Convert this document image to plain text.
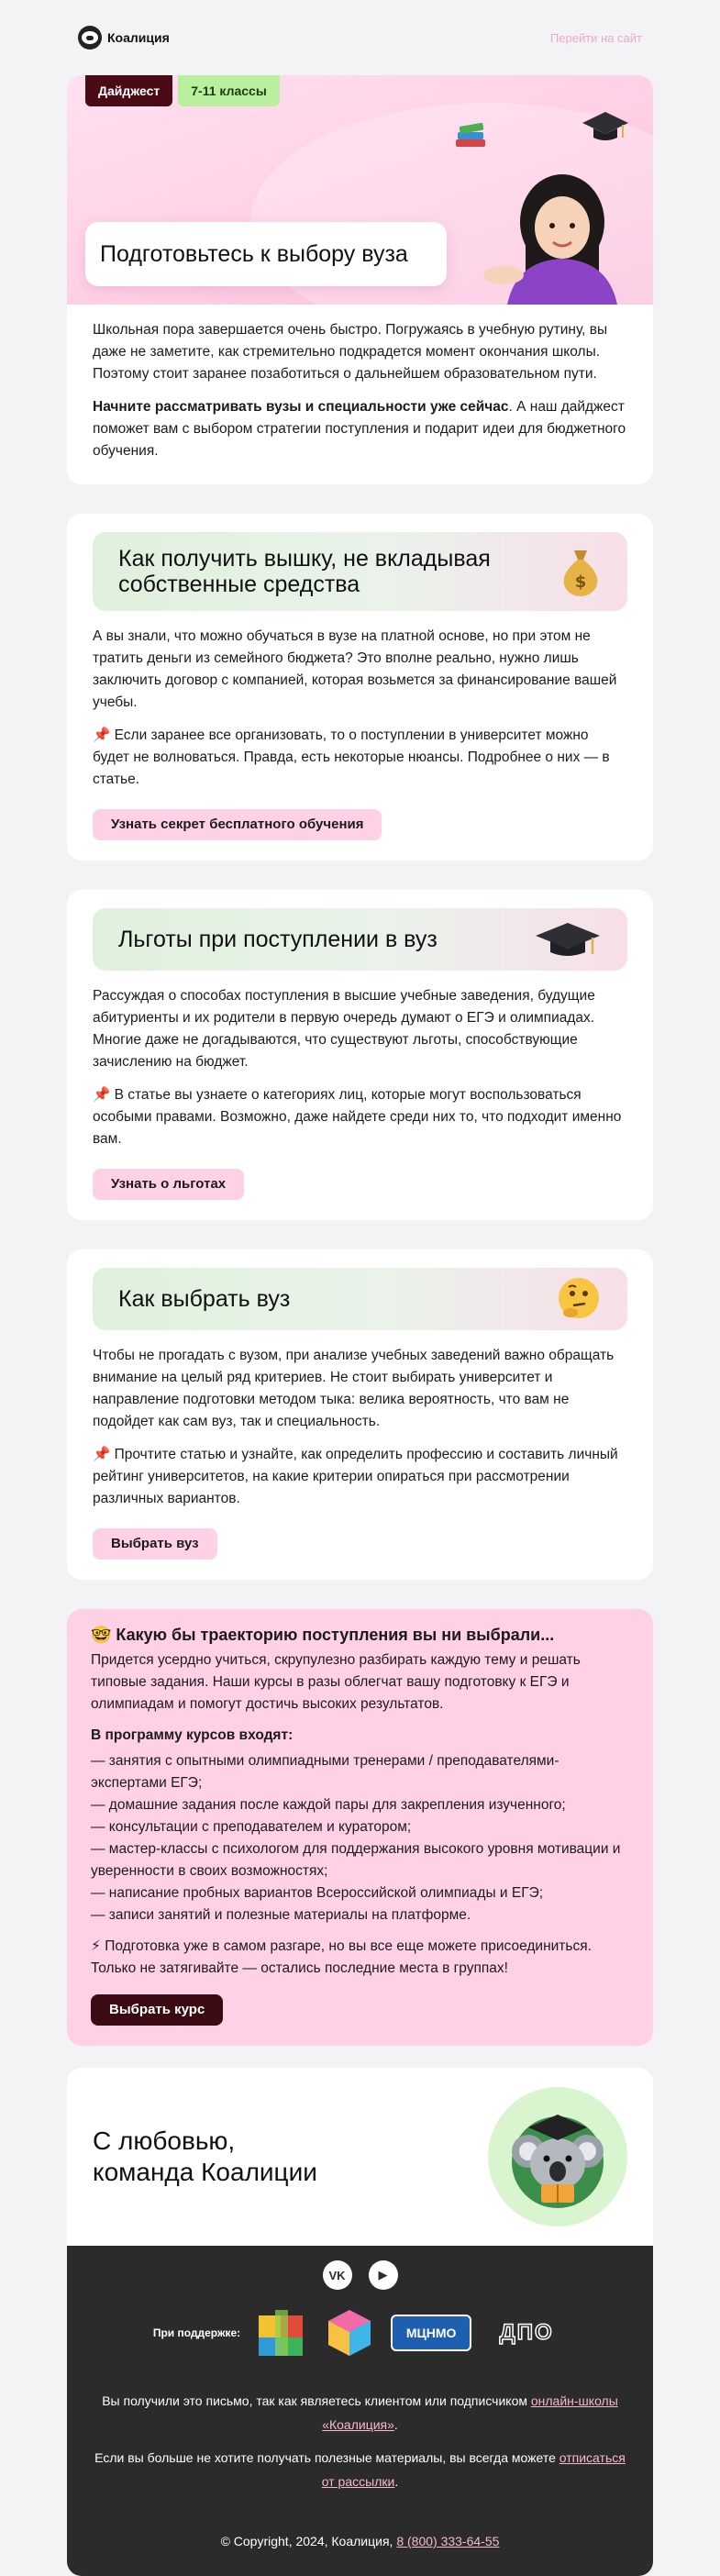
Коалиция	Перейти на сайт
Дайджест	7-11 классы
Подготовьтесь к выбору вуза

Школьная пора завершается очень быстро. Погружаясь в учебную рутину, вы даже не заметите, как стремительно подкрадется момент окончания школы. Поэтому стоит заранее позаботиться о дальнейшем образовательном пути.

Начните рассматривать вузы и специальности уже сейчас. А наш дайджест поможет вам с выбором стратегии поступления и подарит идеи для бюджетного обучения.

Как получить вышку, не вкладывая собственные средства	$

А вы знали, что можно обучаться в вузе на платной основе, но при этом не тратить деньги из семейного бюджета? Это вполне реально, нужно лишь заключить договор с компанией, которая возьмется за финансирование вашей учебы.

📌 Если заранее все организовать, то о поступлении в университет можно будет не волноваться. Правда, есть некоторые нюансы. Подробнее о них — в статье.

Узнать секрет бесплатного обучения
Льготы при поступлении в вуз

Рассуждая о способах поступления в высшие учебные заведения, будущие абитуриенты и их родители в первую очередь думают о ЕГЭ и олимпиадах. Многие даже не догадываются, что существуют льготы, способствующие зачислению на бюджет.

📌 В статье вы узнаете о категориях лиц, которые могут воспользоваться особыми правами. Возможно, даже найдете среди них то, что подходит именно вам.

Узнать о льготах
Как выбрать вуз

Чтобы не прогадать с вузом, при анализе учебных заведений важно обращать внимание на целый ряд критериев. Не стоит выбирать университет и направление подготовки методом тыка: велика вероятность, что вам не подойдет как сам вуз, так и специальность.

📌 Прочтите статью и узнайте, как определить профессию и составить личный рейтинг университетов, на какие критерии опираться при рассмотрении различных вариантов.

Выбрать вуз
🤓 Какую бы траекторию поступления вы ни выбрали...

Придется усердно учиться, скрупулезно разбирать каждую тему и решать типовые задания. Наши курсы в разы облегчат вашу подготовку к ЕГЭ и олимпиадам и помогут достичь высоких результатов.

В программу курсов входят:

— занятия с опытными олимпиадными тренерами / преподавателями-экспертами ЕГЭ;
— домашние задания после каждой пары для закрепления изученного;
— консультации с преподавателем и куратором;
— мастер-классы с психологом для поддержания высокого уровня мотивации и уверенности в своих возможностях;
— написание пробных вариантов Всероссийской олимпиады и ЕГЭ;
— записи занятий и полезные материалы на платформе.

⚡ Подготовка уже в самом разгаре, но вы все еще можете присоединиться. Только не затягивайте — остались последние места в группах!

Выбрать курс
С любовью,
команда Коалиции
VK	▶
При поддержке:	МЦНМО ДПО

Вы получили это письмо, так как являетесь клиентом или подписчиком онлайн-школы «Коалиция».

Если вы больше не хотите получать полезные материалы, вы всегда можете отписаться от рассылки.

© Copyright, 2024, Коалиция, 8 (800) 333-64-55
